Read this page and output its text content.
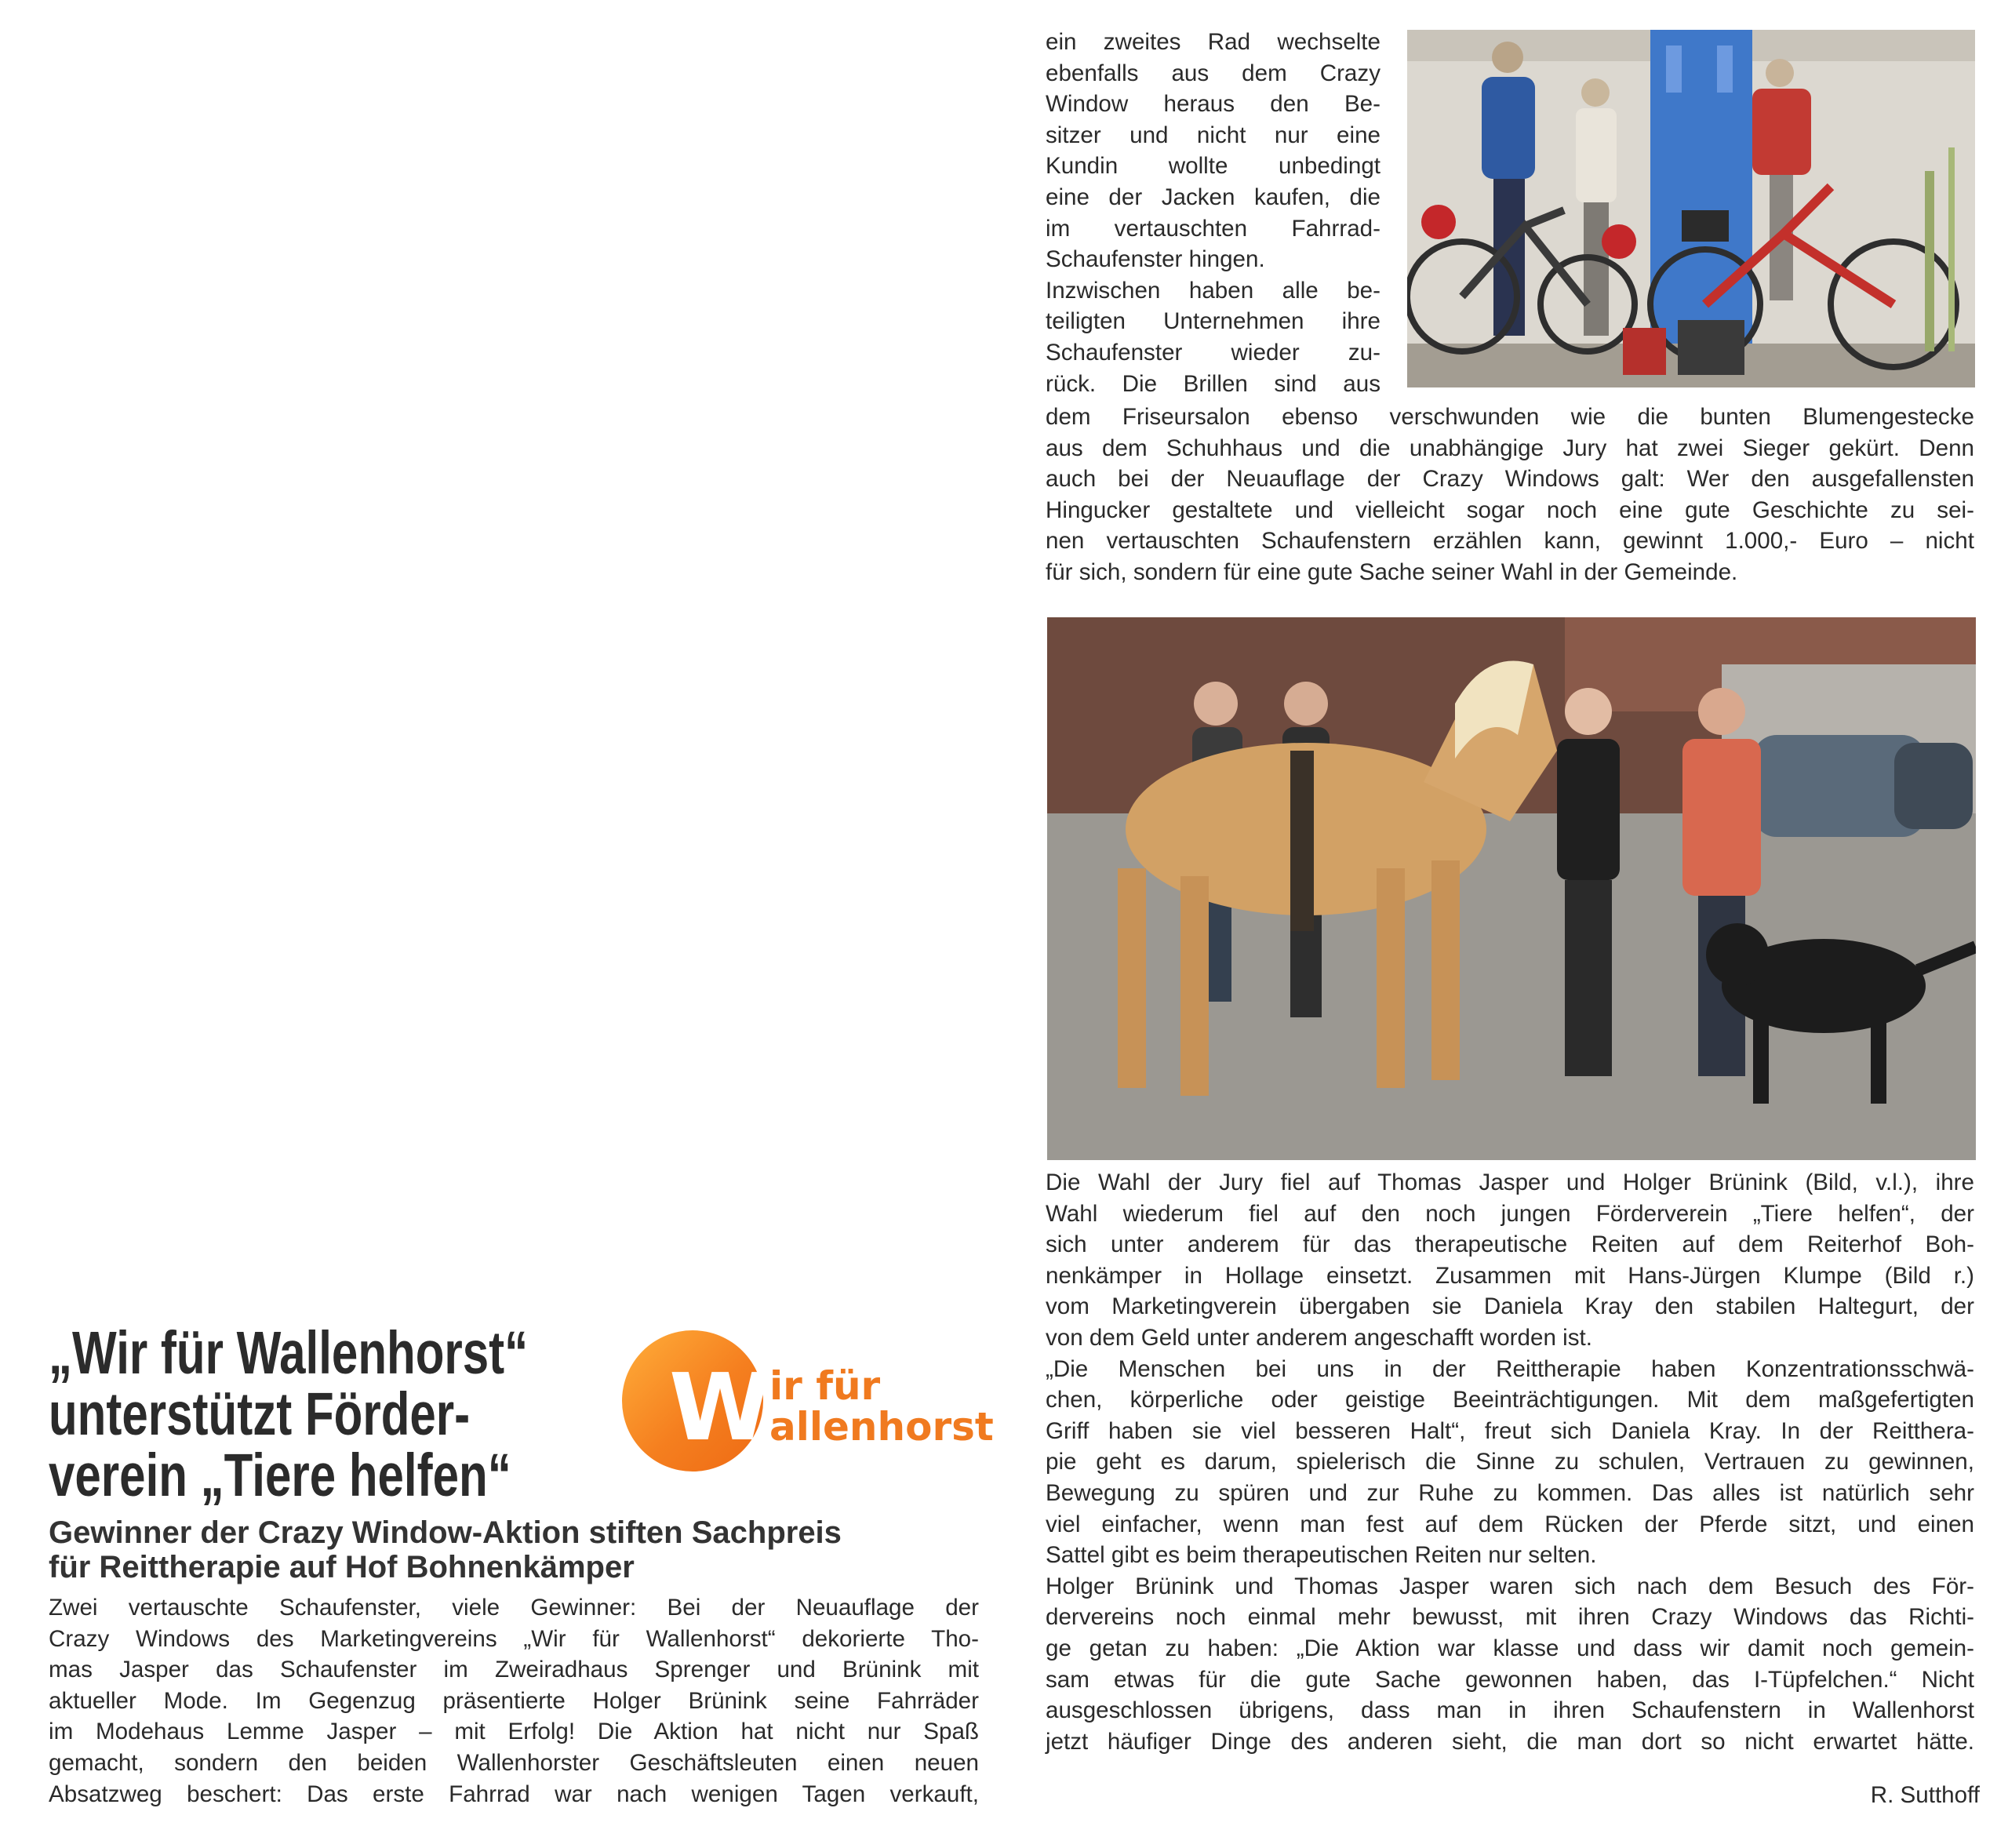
ein zweites Rad wechselte
ebenfalls aus dem Crazy
Window heraus den Be-
sitzer und nicht nur eine
Kundin wollte unbedingt
eine der Jacken kaufen, die
im vertauschten Fahrrad-
Schaufenster hingen.
Inzwischen haben alle be-
teiligten Unternehmen ihre
Schaufenster wieder zu-
rück. Die Brillen sind aus

dem Friseursalon ebenso verschwunden wie die bunten Blumengestecke
aus dem Schuhhaus und die unabhängige Jury hat zwei Sieger gekürt. Denn
auch bei der Neuauflage der Crazy Windows galt: Wer den ausgefallensten
Hingucker gestaltete und vielleicht sogar noch eine gute Geschichte zu sei-
nen vertauschten Schaufenstern erzählen kann, gewinnt 1.000,- Euro – nicht
für sich, sondern für eine gute Sache seiner Wahl in der Gemeinde.

Die Wahl der Jury fiel auf Thomas Jasper und Holger Brünink (Bild, v.l.), ihre
Wahl wiederum fiel auf den noch jungen Förderverein „Tiere helfen“, der
sich unter anderem für das therapeutische Reiten auf dem Reiterhof Boh-
nenkämper in Hollage einsetzt. Zusammen mit Hans-Jürgen Klumpe (Bild r.)
vom Marketingverein übergaben sie Daniela Kray den stabilen Haltegurt, der
von dem Geld unter anderem angeschafft worden ist.
„Die Menschen bei uns in der Reittherapie haben Konzentrationsschwä-
chen, körperliche oder geistige Beeinträchtigungen. Mit dem maßgefertigten
Griff haben sie viel besseren Halt“, freut sich Daniela Kray. In der Reitthera-
pie geht es darum, spielerisch die Sinne zu schulen, Vertrauen zu gewinnen,
Bewegung zu spüren und zur Ruhe zu kommen. Das alles ist natürlich sehr
viel einfacher, wenn man fest auf dem Rücken der Pferde sitzt, und einen
Sattel gibt es beim therapeutischen Reiten nur selten.
Holger Brünink und Thomas Jasper waren sich nach dem Besuch des För-
dervereins noch einmal mehr bewusst, mit ihren Crazy Windows das Richti-
ge getan zu haben: „Die Aktion war klasse und dass wir damit noch gemein-
sam etwas für die gute Sache gewonnen haben, das I-Tüpfelchen.“ Nicht
ausgeschlossen übrigens, dass man in ihren Schaufenstern in Wallenhorst
jetzt häufiger Dinge des anderen sieht, die man dort so nicht erwartet hätte.

R. Sutthoff

„Wir für Wallenhorst“

unterstützt Förder-

verein „Tiere helfen“

W
ir für
allenhorst

Gewinner der Crazy Window-Aktion stiften Sachpreis

für Reittherapie auf Hof Bohnenkämper

Zwei vertauschte Schaufenster, viele Gewinner: Bei der Neuauflage der
Crazy Windows des Marketingvereins „Wir für Wallenhorst“ dekorierte Tho-
mas Jasper das Schaufenster im Zweiradhaus Sprenger und Brünink mit
aktueller Mode. Im Gegenzug präsentierte Holger Brünink seine Fahrräder
im Modehaus Lemme Jasper – mit Erfolg! Die Aktion hat nicht nur Spaß
gemacht, sondern den beiden Wallenhorster Geschäftsleuten einen neuen
Absatzweg beschert: Das erste Fahrrad war nach wenigen Tagen verkauft,
